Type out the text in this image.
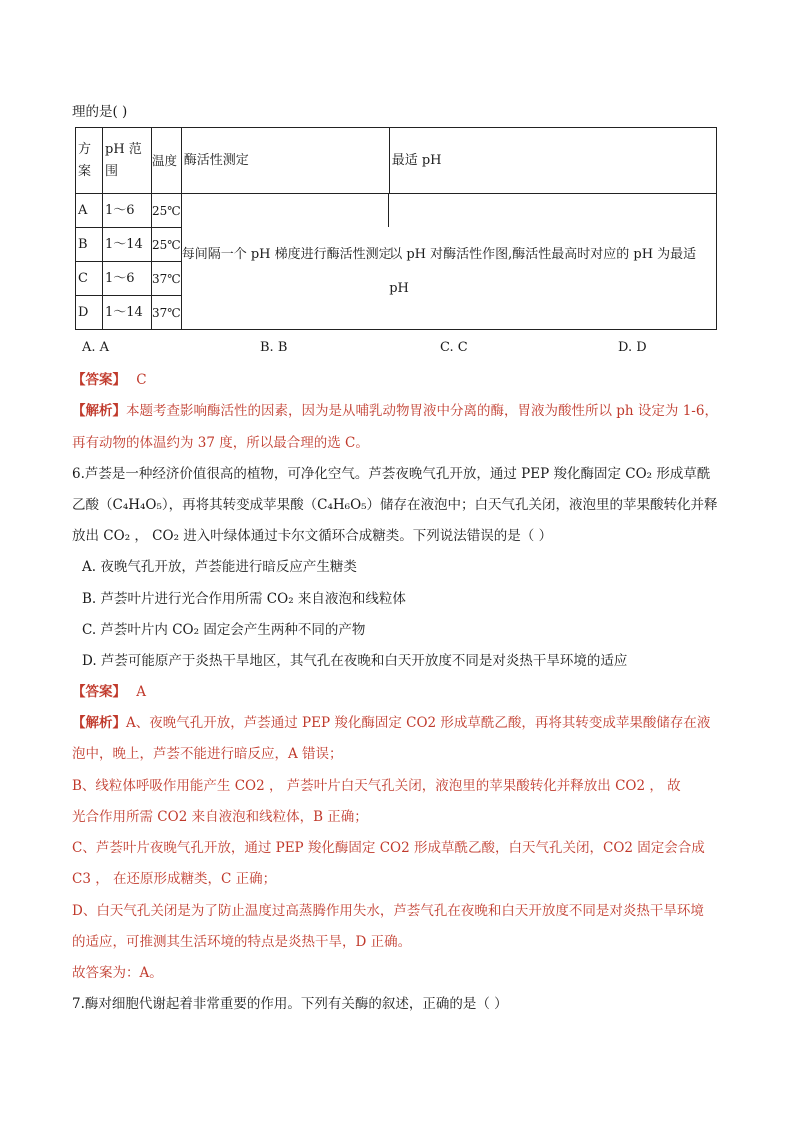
理的是( )
方案	pH 范围	温度	酶活性测定	最适 pH
A	1～6	25℃	每间隔一个 pH 梯度进行酶活性测定	以 pH 对酶活性作图,酶活性最高时对应的 pH 为最适 pH

B	1～14	25℃		
C	1～6	37℃		
D	1～14	37℃		
A. A	B. B	C. C	D. D
【答案】 C
【解析】本题考查影响酶活性的因素，因为是从哺乳动物胃液中分离的酶，胃液为酸性所以 ph 设定为 1-6，
再有动物的体温约为 37 度，所以最合理的选 C。
6.芦荟是一种经济价值很高的植物，可净化空气。芦荟夜晚气孔开放，通过 PEP 羧化酶固定 CO₂ 形成草酰
乙酸（C₄H₄O₅），再将其转变成苹果酸（C₄H₆O₅）储存在液泡中；白天气孔关闭，液泡里的苹果酸转化并释
放出 CO₂ ， CO₂ 进入叶绿体通过卡尔文循环合成糖类。下列说法错误的是（ ）
A. 夜晚气孔开放，芦荟能进行暗反应产生糖类
B. 芦荟叶片进行光合作用所需 CO₂ 来自液泡和线粒体
C. 芦荟叶片内 CO₂ 固定会产生两种不同的产物
D. 芦荟可能原产于炎热干旱地区，其气孔在夜晚和白天开放度不同是对炎热干旱环境的适应
【答案】 A
【解析】A、夜晚气孔开放，芦荟通过 PEP 羧化酶固定 CO2 形成草酰乙酸，再将其转变成苹果酸储存在液
泡中，晚上，芦荟不能进行暗反应，A 错误；
B、线粒体呼吸作用能产生 CO2 ， 芦荟叶片白天气孔关闭，液泡里的苹果酸转化并释放出 CO2 ， 故
光合作用所需 CO2 来自液泡和线粒体，B 正确；
C、芦荟叶片夜晚气孔开放，通过 PEP 羧化酶固定 CO2 形成草酰乙酸，白天气孔关闭，CO2 固定会合成
C3 ， 在还原形成糖类，C 正确；
D、白天气孔关闭是为了防止温度过高蒸腾作用失水，芦荟气孔在夜晚和白天开放度不同是对炎热干旱环境
的适应，可推测其生活环境的特点是炎热干旱，D 正确。
故答案为：A。
7.酶对细胞代谢起着非常重要的作用。下列有关酶的叙述，正确的是（ ）
